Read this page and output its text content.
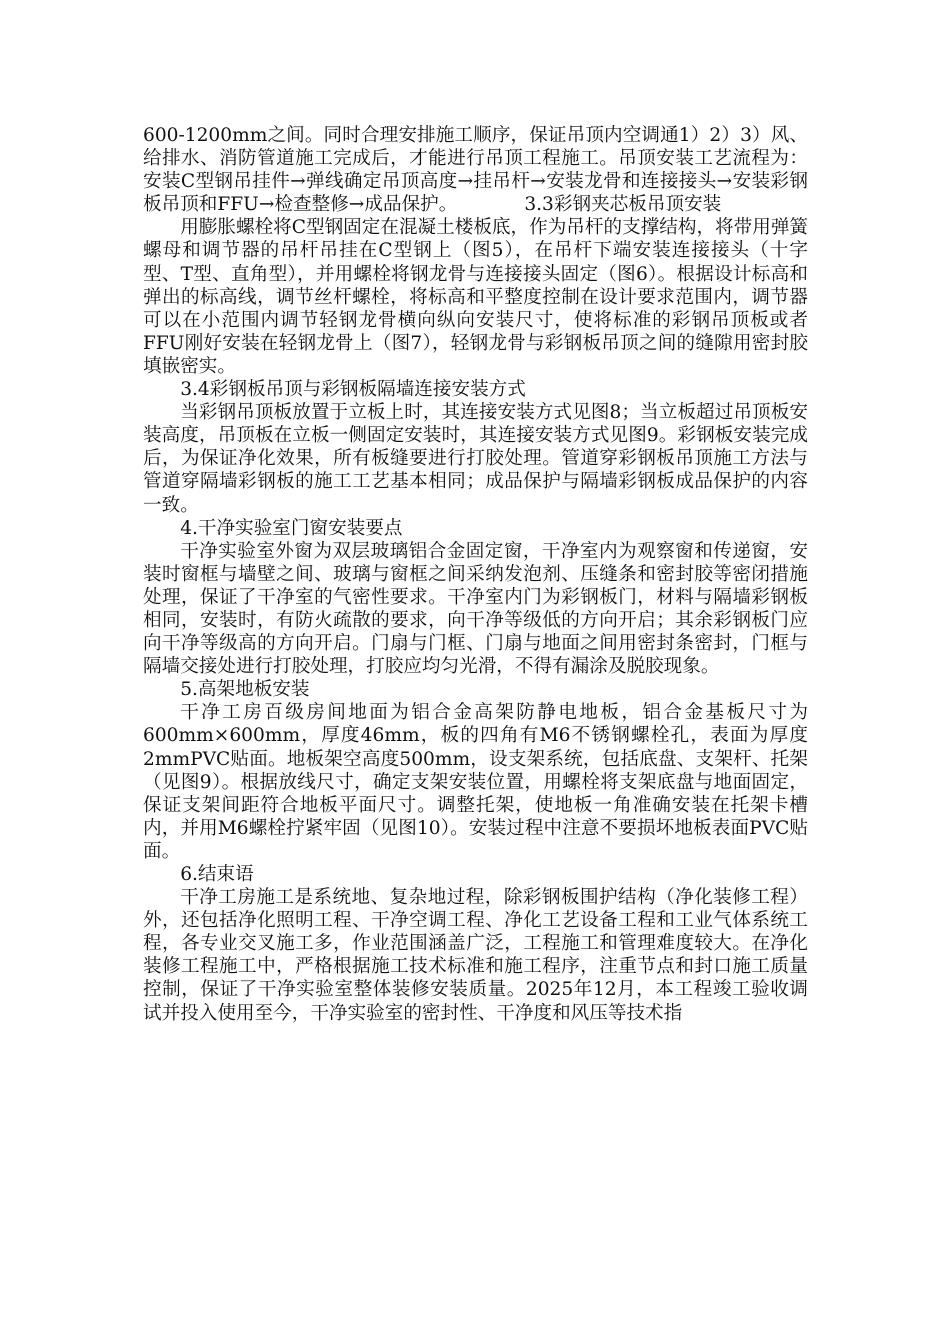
600-1200mm之间。同时合理安排施工顺序，保证吊顶内空调通1）2）3）风、给排水、消防管道施工完成后，才能进行吊顶工程施工。吊顶安装工艺流程为：安装C型钢吊挂件→弹线确定吊顶高度→挂吊杆→安装龙骨和连接接头→安装彩钢板吊顶和FFU→检查整修→成品保护。	3.3彩钢夹芯板吊顶安装

用膨胀螺栓将C型钢固定在混凝土楼板底，作为吊杆的支撑结构，将带用弹簧螺母和调节器的吊杆吊挂在C型钢上（图5），在吊杆下端安装连接接头（十字型、T型、直角型），并用螺栓将钢龙骨与连接接头固定（图6）。根据设计标高和弹出的标高线，调节丝杆螺栓，将标高和平整度控制在设计要求范围内，调节器可以在小范围内调节轻钢龙骨横向纵向安装尺寸，使将标准的彩钢吊顶板或者FFU刚好安装在轻钢龙骨上（图7），轻钢龙骨与彩钢板吊顶之间的缝隙用密封胶填嵌密实。

3.4彩钢板吊顶与彩钢板隔墙连接安装方式

当彩钢吊顶板放置于立板上时，其连接安装方式见图8；当立板超过吊顶板安装高度，吊顶板在立板一侧固定安装时，其连接安装方式见图9。彩钢板安装完成后，为保证净化效果，所有板缝要进行打胶处理。管道穿彩钢板吊顶施工方法与管道穿隔墙彩钢板的施工工艺基本相同；成品保护与隔墙彩钢板成品保护的内容一致。

4.干净实验室门窗安装要点

干净实验室外窗为双层玻璃铝合金固定窗，干净室内为观察窗和传递窗，安装时窗框与墙壁之间、玻璃与窗框之间采纳发泡剂、压缝条和密封胶等密闭措施处理，保证了干净室的气密性要求。干净室内门为彩钢板门，材料与隔墙彩钢板相同，安装时，有防火疏散的要求，向干净等级低的方向开启；其余彩钢板门应向干净等级高的方向开启。门扇与门框、门扇与地面之间用密封条密封，门框与隔墙交接处进行打胶处理，打胶应均匀光滑，不得有漏涂及脱胶现象。

5.高架地板安装

干净工房百级房间地面为铝合金高架防静电地板，铝合金基板尺寸为600mm×600mm，厚度46mm，板的四角有M6不锈钢螺栓孔，表面为厚度2mmPVC贴面。地板架空高度500mm，设支架系统，包括底盘、支架杆、托架（见图9）。根据放线尺寸，确定支架安装位置，用螺栓将支架底盘与地面固定，保证支架间距符合地板平面尺寸。调整托架，使地板一角准确安装在托架卡槽内，并用M6螺栓拧紧牢固（见图10）。安装过程中注意不要损坏地板表面PVC贴面。

6.结束语

干净工房施工是系统地、复杂地过程，除彩钢板围护结构（净化装修工程）外，还包括净化照明工程、干净空调工程、净化工艺设备工程和工业气体系统工程，各专业交叉施工多，作业范围涵盖广泛，工程施工和管理难度较大。在净化装修工程施工中，严格根据施工技术标准和施工程序，注重节点和封口施工质量控制，保证了干净实验室整体装修安装质量。2025年12月，本工程竣工验收调试并投入使用至今，干净实验室的密封性、干净度和风压等技术指
